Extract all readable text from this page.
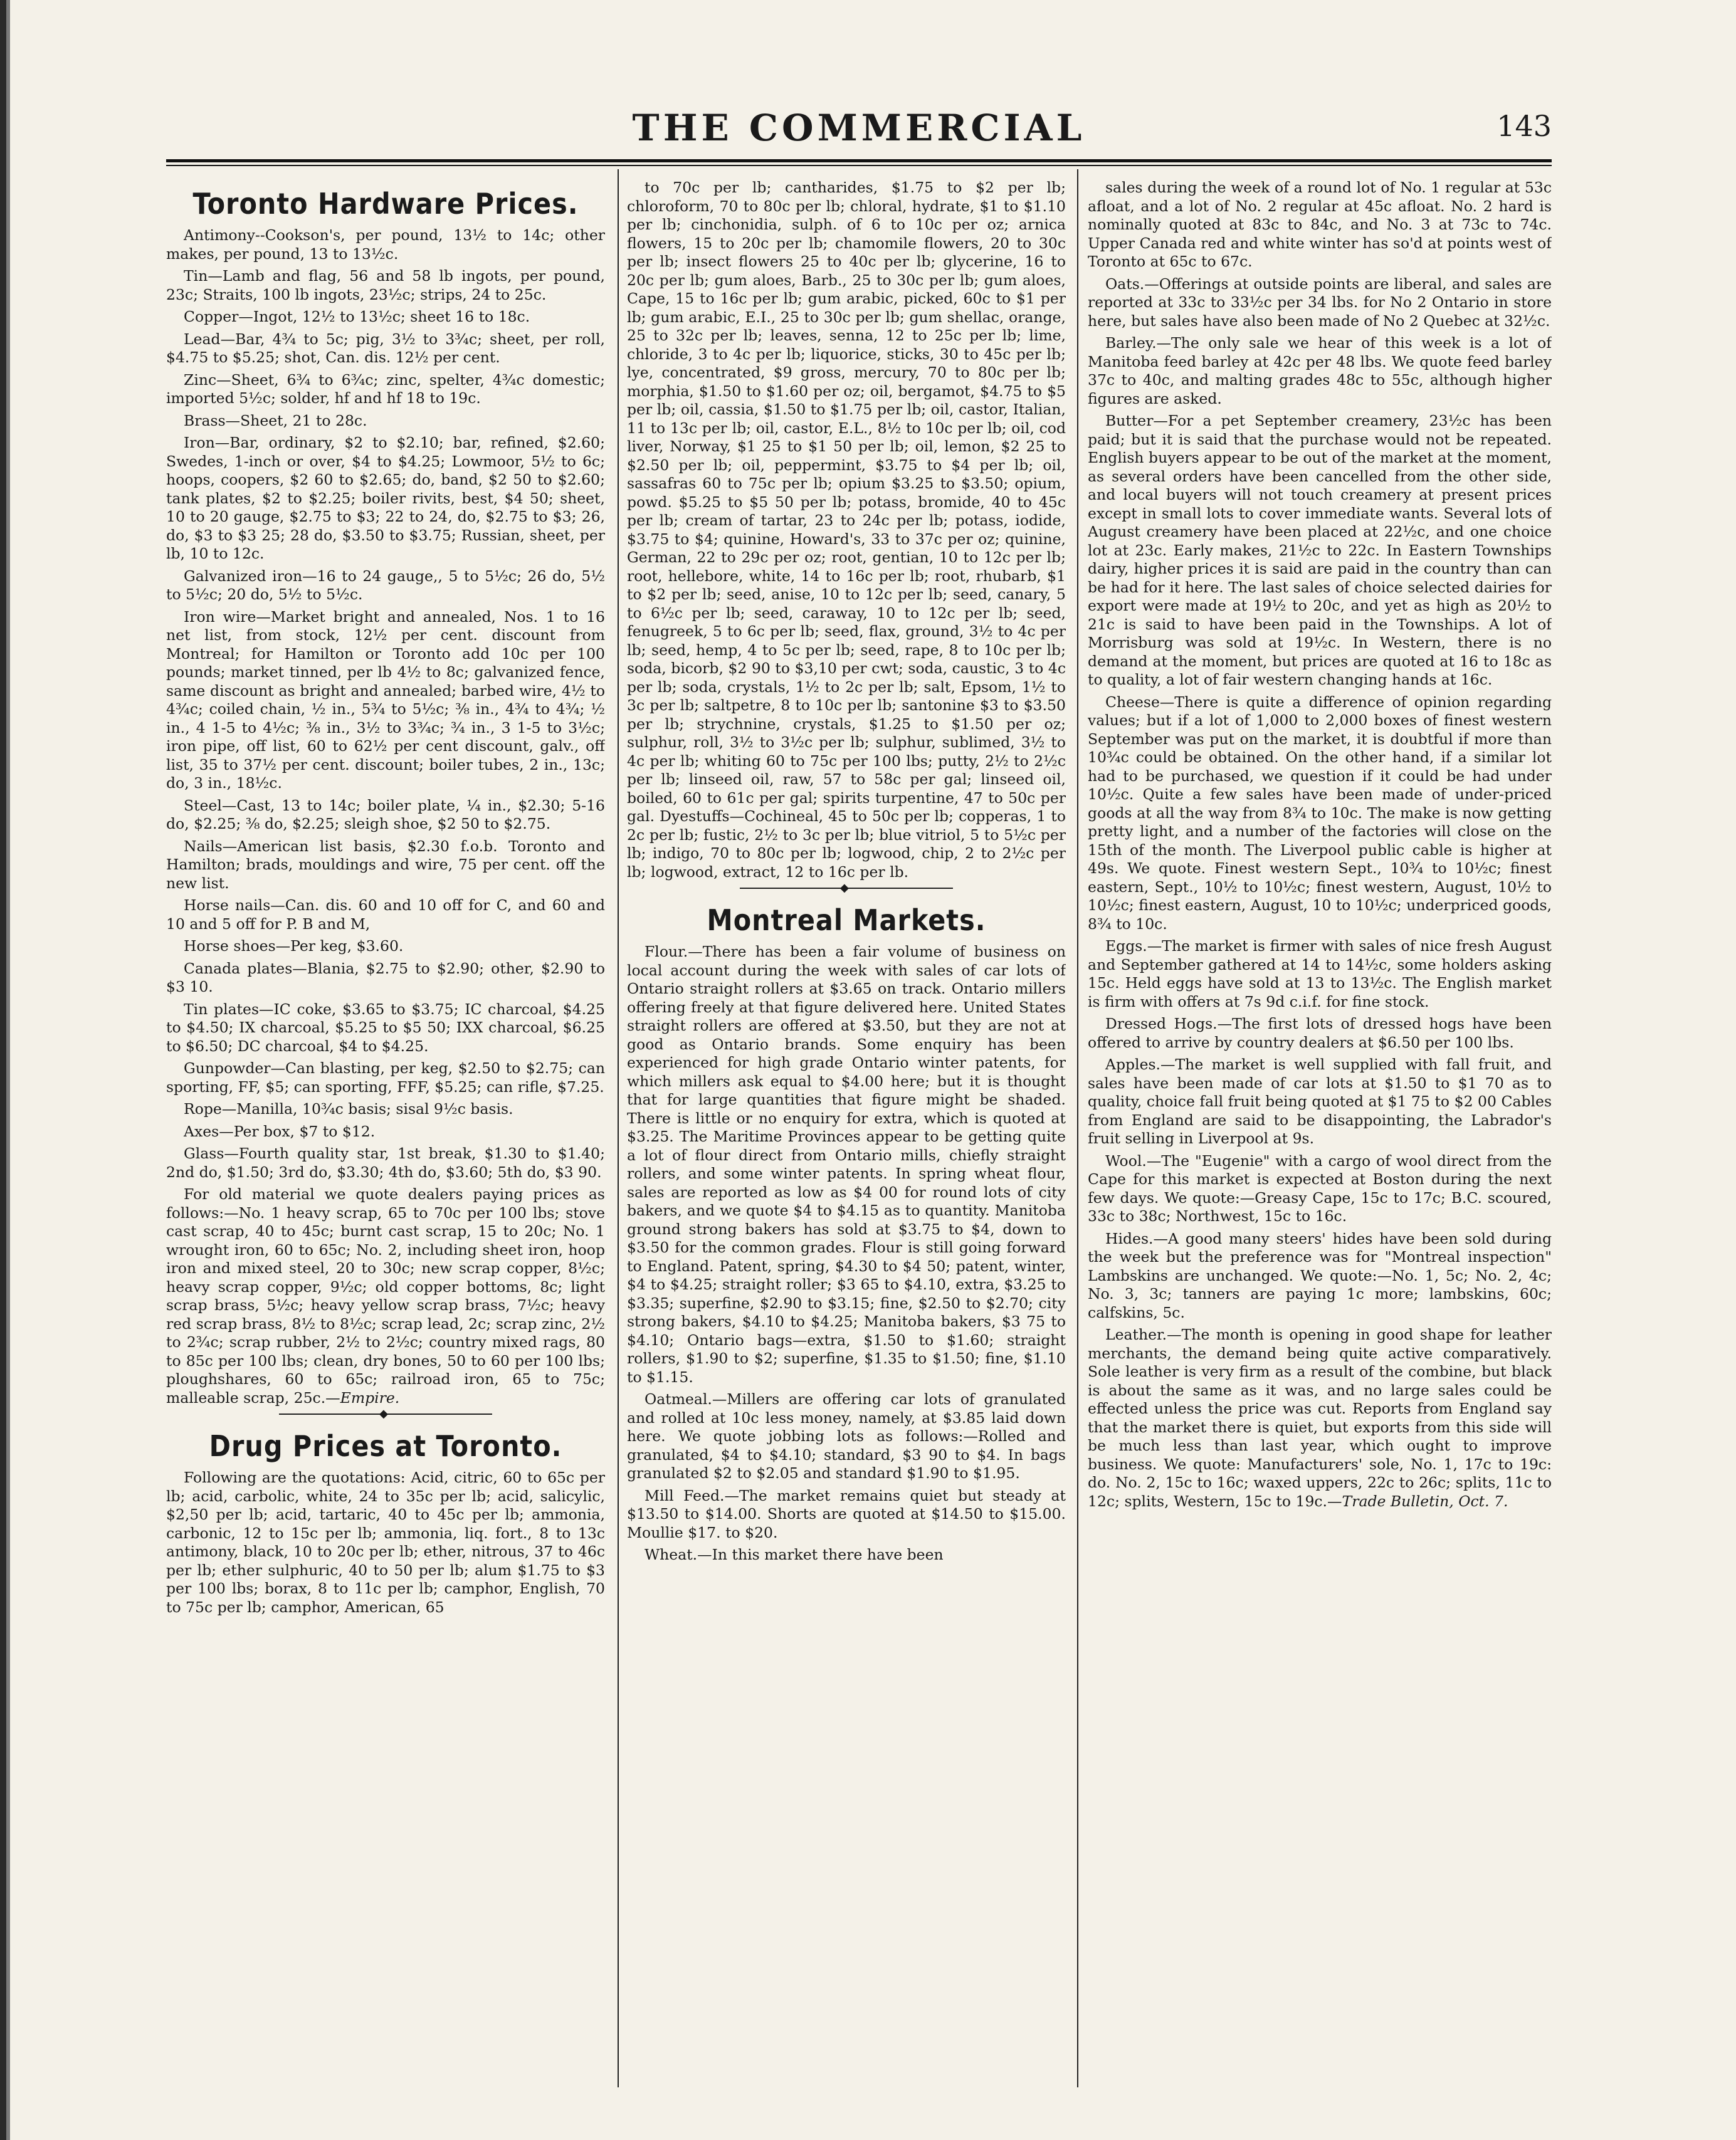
THE COMMERCIAL	143
Toronto Hardware Prices.

Antimony--Cookson's, per pound, 13½ to 14c; other makes, per pound, 13 to 13½c.

Tin—Lamb and flag, 56 and 58 lb ingots, per pound, 23c; Straits, 100 lb ingots, 23½c; strips, 24 to 25c.

Copper—Ingot, 12½ to 13½c; sheet 16 to 18c.

Lead—Bar, 4¾ to 5c; pig, 3½ to 3¾c; sheet, per roll, $4.75 to $5.25; shot, Can. dis. 12½ per cent.

Zinc—Sheet, 6¾ to 6¾c; zinc, spelter, 4¾c domestic; imported 5½c; solder, hf and hf 18 to 19c.

Brass—Sheet, 21 to 28c.

Iron—Bar, ordinary, $2 to $2.10; bar, refined, $2.60; Swedes, 1-inch or over, $4 to $4.25; Lowmoor, 5½ to 6c; hoops, coopers, $2 60 to $2.65; do, band, $2 50 to $2.60; tank plates, $2 to $2.25; boiler rivits, best, $4 50; sheet, 10 to 20 gauge, $2.75 to $3; 22 to 24, do, $2.75 to $3; 26, do, $3 to $3 25; 28 do, $3.50 to $3.75; Russian, sheet, per lb, 10 to 12c.

Galvanized iron—16 to 24 gauge,, 5 to 5½c; 26 do, 5½ to 5½c; 20 do, 5½ to 5½c.

Iron wire—Market bright and annealed, Nos. 1 to 16 net list, from stock, 12½ per cent. discount from Montreal; for Hamilton or Toronto add 10c per 100 pounds; market tinned, per lb 4½ to 8c; galvanized fence, same discount as bright and annealed; barbed wire, 4½ to 4¾c; coiled chain, ½ in., 5¾ to 5½c; ⅜ in., 4¾ to 4¾; ½ in., 4 1-5 to 4½c; ⅜ in., 3½ to 3¾c; ¾ in., 3 1-5 to 3½c; iron pipe, off list, 60 to 62½ per cent discount, galv., off list, 35 to 37½ per cent. discount; boiler tubes, 2 in., 13c; do, 3 in., 18½c.

Steel—Cast, 13 to 14c; boiler plate, ¼ in., $2.30; 5-16 do, $2.25; ⅜ do, $2.25; sleigh shoe, $2 50 to $2.75.

Nails—American list basis, $2.30 f.o.b. Toronto and Hamilton; brads, mouldings and wire, 75 per cent. off the new list.

Horse nails—Can. dis. 60 and 10 off for C, and 60 and 10 and 5 off for P. B and M,

Horse shoes—Per keg, $3.60.

Canada plates—Blania, $2.75 to $2.90; other, $2.90 to $3 10.

Tin plates—IC coke, $3.65 to $3.75; IC charcoal, $4.25 to $4.50; IX charcoal, $5.25 to $5 50; IXX charcoal, $6.25 to $6.50; DC charcoal, $4 to $4.25.

Gunpowder—Can blasting, per keg, $2.50 to $2.75; can sporting, FF, $5; can sporting, FFF, $5.25; can rifle, $7.25.

Rope—Manilla, 10¾c basis; sisal 9½c basis.

Axes—Per box, $7 to $12.

Glass—Fourth quality star, 1st break, $1.30 to $1.40; 2nd do, $1.50; 3rd do, $3.30; 4th do, $3.60; 5th do, $3 90.

For old material we quote dealers paying prices as follows:—No. 1 heavy scrap, 65 to 70c per 100 lbs; stove cast scrap, 40 to 45c; burnt cast scrap, 15 to 20c; No. 1 wrought iron, 60 to 65c; No. 2, including sheet iron, hoop iron and mixed steel, 20 to 30c; new scrap copper, 8½c; heavy scrap copper, 9½c; old copper bottoms, 8c; light scrap brass, 5½c; heavy yellow scrap brass, 7½c; heavy red scrap brass, 8½ to 8½c; scrap lead, 2c; scrap zinc, 2½ to 2¾c; scrap rubber, 2½ to 2½c; country mixed rags, 80 to 85c per 100 lbs; clean, dry bones, 50 to 60 per 100 lbs; ploughshares, 60 to 65c; railroad iron, 65 to 75c; malleable scrap, 25c.—Empire.

◆
Drug Prices at Toronto.

Following are the quotations: Acid, citric, 60 to 65c per lb; acid, carbolic, white, 24 to 35c per lb; acid, salicylic, $2,50 per lb; acid, tartaric, 40 to 45c per lb; ammonia, carbonic, 12 to 15c per lb; ammonia, liq. fort., 8 to 13c antimony, black, 10 to 20c per lb; ether, nitrous, 37 to 46c per lb; ether sulphuric, 40 to 50 per lb; alum $1.75 to $3 per 100 lbs; borax, 8 to 11c per lb; camphor, English, 70 to 75c per lb; camphor, American, 65

to 70c per lb; cantharides, $1.75 to $2 per lb; chloroform, 70 to 80c per lb; chloral, hydrate, $1 to $1.10 per lb; cinchonidia, sulph. of 6 to 10c per oz; arnica flowers, 15 to 20c per lb; chamomile flowers, 20 to 30c per lb; insect flowers 25 to 40c per lb; glycerine, 16 to 20c per lb; gum aloes, Barb., 25 to 30c per lb; gum aloes, Cape, 15 to 16c per lb; gum arabic, picked, 60c to $1 per lb; gum arabic, E.I., 25 to 30c per lb; gum shellac, orange, 25 to 32c per lb; leaves, senna, 12 to 25c per lb; lime, chloride, 3 to 4c per lb; liquorice, sticks, 30 to 45c per lb; lye, concentrated, $9 gross, mercury, 70 to 80c per lb; morphia, $1.50 to $1.60 per oz; oil, bergamot, $4.75 to $5 per lb; oil, cassia, $1.50 to $1.75 per lb; oil, castor, Italian, 11 to 13c per lb; oil, castor, E.L., 8½ to 10c per lb; oil, cod liver, Norway, $1 25 to $1 50 per lb; oil, lemon, $2 25 to $2.50 per lb; oil, peppermint, $3.75 to $4 per lb; oil, sassafras 60 to 75c per lb; opium $3.25 to $3.50; opium, powd. $5.25 to $5 50 per lb; potass, bromide, 40 to 45c per lb; cream of tartar, 23 to 24c per lb; potass, iodide, $3.75 to $4; quinine, Howard's, 33 to 37c per oz; quinine, German, 22 to 29c per oz; root, gentian, 10 to 12c per lb; root, hellebore, white, 14 to 16c per lb; root, rhubarb, $1 to $2 per lb; seed, anise, 10 to 12c per lb; seed, canary, 5 to 6½c per lb; seed, caraway, 10 to 12c per lb; seed, fenugreek, 5 to 6c per lb; seed, flax, ground, 3½ to 4c per lb; seed, hemp, 4 to 5c per lb; seed, rape, 8 to 10c per lb; soda, bicorb, $2 90 to $3,10 per cwt; soda, caustic, 3 to 4c per lb; soda, crystals, 1½ to 2c per lb; salt, Epsom, 1½ to 3c per lb; saltpetre, 8 to 10c per lb; santonine $3 to $3.50 per lb; strychnine, crystals, $1.25 to $1.50 per oz; sulphur, roll, 3½ to 3½c per lb; sulphur, sublimed, 3½ to 4c per lb; whiting 60 to 75c per 100 lbs; putty, 2½ to 2½c per lb; linseed oil, raw, 57 to 58c per gal; linseed oil, boiled, 60 to 61c per gal; spirits turpentine, 47 to 50c per gal. Dyestuffs—Cochineal, 45 to 50c per lb; copperas, 1 to 2c per lb; fustic, 2½ to 3c per lb; blue vitriol, 5 to 5½c per lb; indigo, 70 to 80c per lb; logwood, chip, 2 to 2½c per lb; logwood, extract, 12 to 16c per lb.

◆
Montreal Markets.

Flour.—There has been a fair volume of business on local account during the week with sales of car lots of Ontario straight rollers at $3.65 on track. Ontario millers offering freely at that figure delivered here. United States straight rollers are offered at $3.50, but they are not at good as Ontario brands. Some enquiry has been experienced for high grade Ontario winter patents, for which millers ask equal to $4.00 here; but it is thought that for large quantities that figure might be shaded. There is little or no enquiry for extra, which is quoted at $3.25. The Maritime Provinces appear to be getting quite a lot of flour direct from Ontario mills, chiefly straight rollers, and some winter patents. In spring wheat flour, sales are reported as low as $4 00 for round lots of city bakers, and we quote $4 to $4.15 as to quantity. Manitoba ground strong bakers has sold at $3.75 to $4, down to $3.50 for the common grades. Flour is still going forward to England. Patent, spring, $4.30 to $4 50; patent, winter, $4 to $4.25; straight roller; $3 65 to $4.10, extra, $3.25 to $3.35; superfine, $2.90 to $3.15; fine, $2.50 to $2.70; city strong bakers, $4.10 to $4.25; Manitoba bakers, $3 75 to $4.10; Ontario bags—extra, $1.50 to $1.60; straight rollers, $1.90 to $2; superfine, $1.35 to $1.50; fine, $1.10 to $1.15.

Oatmeal.—Millers are offering car lots of granulated and rolled at 10c less money, namely, at $3.85 laid down here. We quote jobbing lots as follows:—Rolled and granulated, $4 to $4.10; standard, $3 90 to $4. In bags granulated $2 to $2.05 and standard $1.90 to $1.95.

Mill Feed.—The market remains quiet but steady at $13.50 to $14.00. Shorts are quoted at $14.50 to $15.00. Moullie $17. to $20.

Wheat.—In this market there have been

sales during the week of a round lot of No. 1 regular at 53c afloat, and a lot of No. 2 regular at 45c afloat. No. 2 hard is nominally quoted at 83c to 84c, and No. 3 at 73c to 74c. Upper Canada red and white winter has so'd at points west of Toronto at 65c to 67c.

Oats.—Offerings at outside points are liberal, and sales are reported at 33c to 33½c per 34 lbs. for No 2 Ontario in store here, but sales have also been made of No 2 Quebec at 32½c.

Barley.—The only sale we hear of this week is a lot of Manitoba feed barley at 42c per 48 lbs. We quote feed barley 37c to 40c, and malting grades 48c to 55c, although higher figures are asked.

Butter—For a pet September creamery, 23½c has been paid; but it is said that the purchase would not be repeated. English buyers appear to be out of the market at the moment, as several orders have been cancelled from the other side, and local buyers will not touch creamery at present prices except in small lots to cover immediate wants. Several lots of August creamery have been placed at 22½c, and one choice lot at 23c. Early makes, 21½c to 22c. In Eastern Townships dairy, higher prices it is said are paid in the country than can be had for it here. The last sales of choice selected dairies for export were made at 19½ to 20c, and yet as high as 20½ to 21c is said to have been paid in the Townships. A lot of Morrisburg was sold at 19½c. In Western, there is no demand at the moment, but prices are quoted at 16 to 18c as to quality, a lot of fair western changing hands at 16c.

Cheese—There is quite a difference of opinion regarding values; but if a lot of 1,000 to 2,000 boxes of finest western September was put on the market, it is doubtful if more than 10¾c could be obtained. On the other hand, if a similar lot had to be purchased, we question if it could be had under 10½c. Quite a few sales have been made of under-priced goods at all the way from 8¾ to 10c. The make is now getting pretty light, and a number of the factories will close on the 15th of the month. The Liverpool public cable is higher at 49s. We quote. Finest western Sept., 10¾ to 10½c; finest eastern, Sept., 10½ to 10½c; finest western, August, 10½ to 10½c; finest eastern, August, 10 to 10½c; underpriced goods, 8¾ to 10c.

Eggs.—The market is firmer with sales of nice fresh August and September gathered at 14 to 14½c, some holders asking 15c. Held eggs have sold at 13 to 13½c. The English market is firm with offers at 7s 9d c.i.f. for fine stock.

Dressed Hogs.—The first lots of dressed hogs have been offered to arrive by country dealers at $6.50 per 100 lbs.

Apples.—The market is well supplied with fall fruit, and sales have been made of car lots at $1.50 to $1 70 as to quality, choice fall fruit being quoted at $1 75 to $2 00 Cables from England are said to be disappointing, the Labrador's fruit selling in Liverpool at 9s.

Wool.—The "Eugenie" with a cargo of wool direct from the Cape for this market is expected at Boston during the next few days. We quote:—Greasy Cape, 15c to 17c; B.C. scoured, 33c to 38c; Northwest, 15c to 16c.

Hides.—A good many steers' hides have been sold during the week but the preference was for "Montreal inspection" Lambskins are unchanged. We quote:—No. 1, 5c; No. 2, 4c; No. 3, 3c; tanners are paying 1c more; lambskins, 60c; calfskins, 5c.

Leather.—The month is opening in good shape for leather merchants, the demand being quite active comparatively. Sole leather is very firm as a result of the combine, but black is about the same as it was, and no large sales could be effected unless the price was cut. Reports from England say that the market there is quiet, but exports from this side will be much less than last year, which ought to improve business. We quote: Manufacturers' sole, No. 1, 17c to 19c: do. No. 2, 15c to 16c; waxed uppers, 22c to 26c; splits, 11c to 12c; splits, Western, 15c to 19c.—Trade Bulletin, Oct. 7.
